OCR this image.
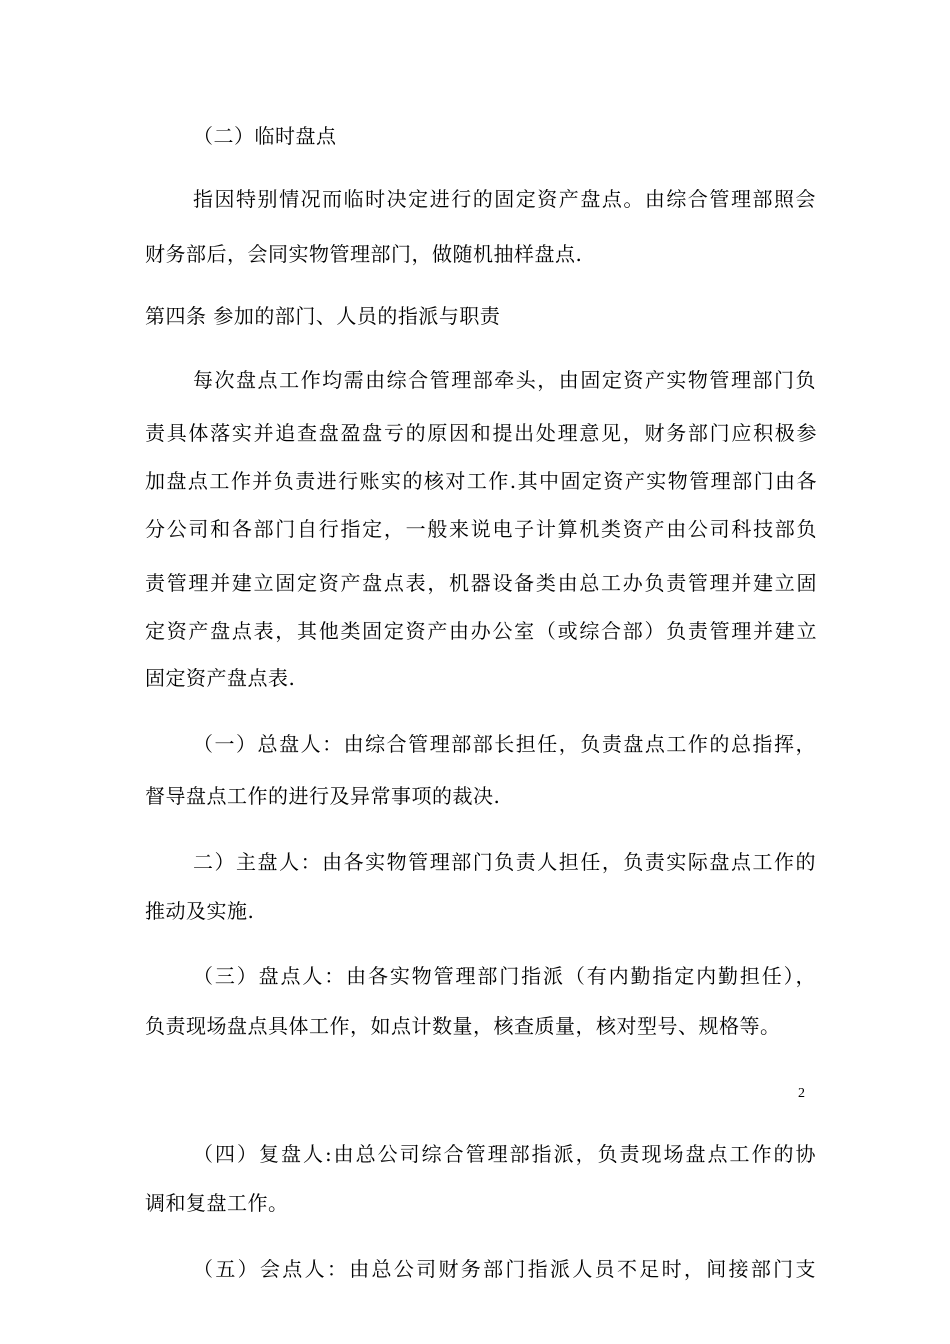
（二）临时盘点
指因特别情况而临时决定进行的固定资产盘点。由综合管理部照会
财务部后，会同实物管理部门，做随机抽样盘点.
第四条 参加的部门、人员的指派与职责
每次盘点工作均需由综合管理部牵头，由固定资产实物管理部门负
责具体落实并追查盘盈盘亏的原因和提出处理意见，财务部门应积极参
加盘点工作并负责进行账实的核对工作.其中固定资产实物管理部门由各
分公司和各部门自行指定，一般来说电子计算机类资产由公司科技部负
责管理并建立固定资产盘点表，机器设备类由总工办负责管理并建立固
定资产盘点表，其他类固定资产由办公室（或综合部）负责管理并建立
固定资产盘点表.
（一）总盘人：由综合管理部部长担任，负责盘点工作的总指挥，
督导盘点工作的进行及异常事项的裁决.
二）主盘人：由各实物管理部门负责人担任，负责实际盘点工作的
推动及实施.
（三）盘点人：由各实物管理部门指派（有内勤指定内勤担任），
负责现场盘点具体工作，如点计数量，核查质量，核对型号、规格等。
2
（四）复盘人:由总公司综合管理部指派，负责现场盘点工作的协
调和复盘工作。
（五）会点人：由总公司财务部门指派人员不足时，间接部门支
